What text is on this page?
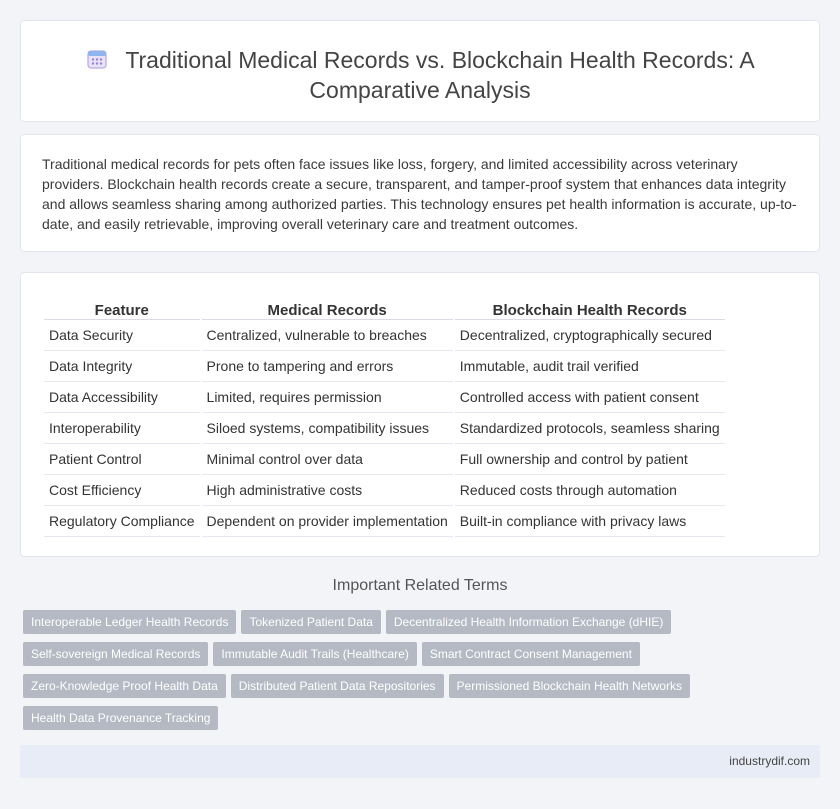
Traditional Medical Records vs. Blockchain Health Records: A Comparative Analysis

Traditional medical records for pets often face issues like loss, forgery, and limited accessibility across veterinary providers. Blockchain health records create a secure, transparent, and tamper-proof system that enhances data integrity and allows seamless sharing among authorized parties. This technology ensures pet health information is accurate, up-to-date, and easily retrievable, improving overall veterinary care and treatment outcomes.

Feature	Medical Records	Blockchain Health Records
Data Security	Centralized, vulnerable to breaches	Decentralized, cryptographically secured
Data Integrity	Prone to tampering and errors	Immutable, audit trail verified
Data Accessibility	Limited, requires permission	Controlled access with patient consent
Interoperability	Siloed systems, compatibility issues	Standardized protocols, seamless sharing
Patient Control	Minimal control over data	Full ownership and control by patient
Cost Efficiency	High administrative costs	Reduced costs through automation
Regulatory Compliance	Dependent on provider implementation	Built-in compliance with privacy laws
Important Related Terms
Interoperable Ledger Health Records Tokenized Patient Data Decentralized Health Information Exchange (dHIE)
Self-sovereign Medical Records Immutable Audit Trails (Healthcare) Smart Contract Consent Management
Zero-Knowledge Proof Health Data Distributed Patient Data Repositories Permissioned Blockchain Health Networks
Health Data Provenance Tracking
industrydif.com
